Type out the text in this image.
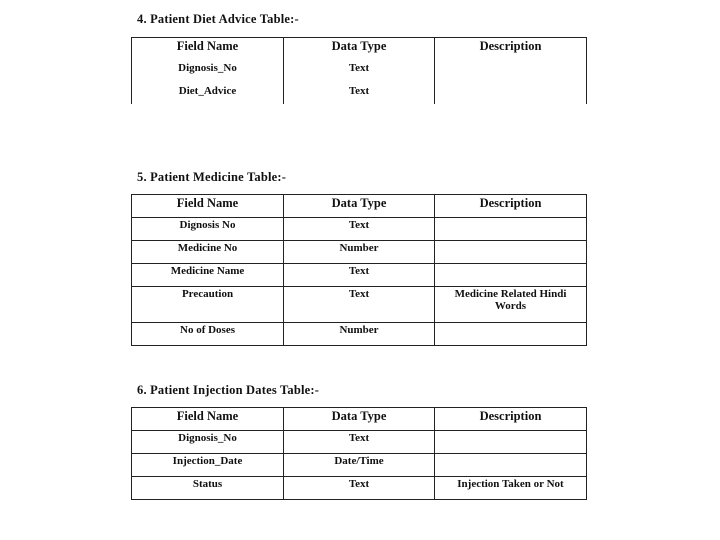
4. Patient Diet Advice Table:-
Field Name	Data Type	Description
Dignosis_No	Text	
Diet_Advice	Text	
5. Patient Medicine Table:-
Field Name	Data Type	Description
Dignosis No	Text	
Medicine No	Number	
Medicine Name	Text	
Precaution	Text	Medicine Related Hindi Words
No of Doses	Number	
6. Patient Injection Dates Table:-
Field Name	Data Type	Description
Dignosis_No	Text	
Injection_Date	Date/Time	
Status	Text	Injection Taken or Not
